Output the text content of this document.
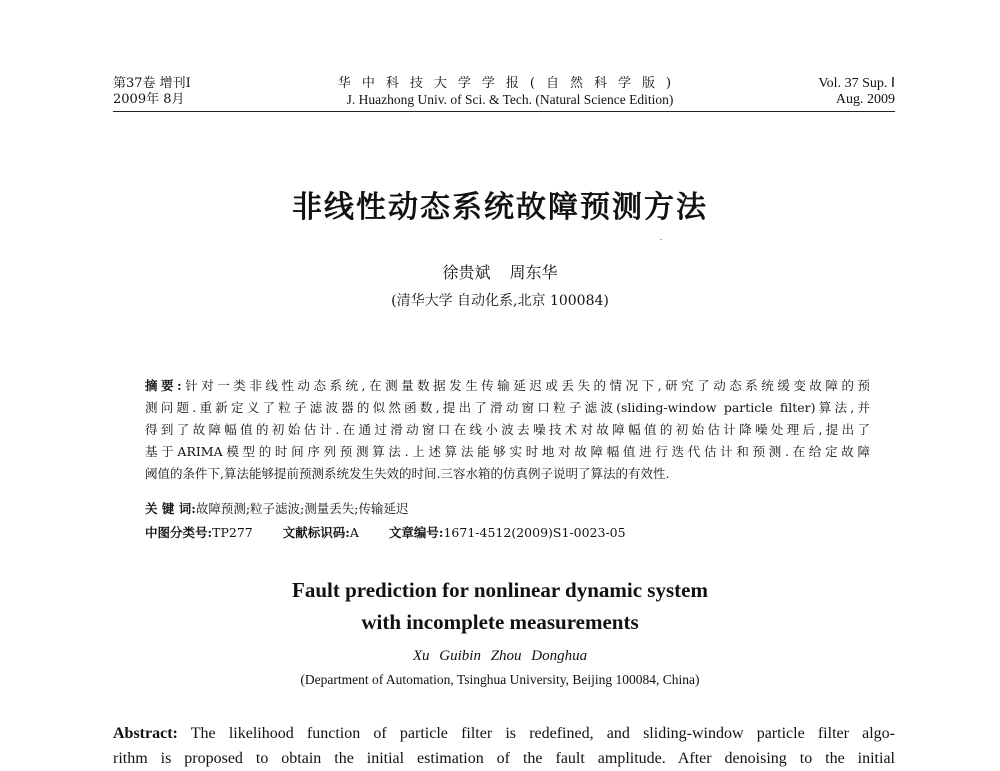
第37卷 增刊Ⅰ
2009年 8月
华中科技大学学报(自然科学版)
J. Huazhong Univ. of Sci. & Tech. (Natural Science Edition)
Vol. 37 Sup. Ⅰ
Aug. 2009
非线性动态系统故障预测方法
徐贵斌 周东华
(清华大学 自动化系,北京 100084)
摘要:针对一类非线性动态系统,在测量数据发生传输延迟或丢失的情况下,研究了动态系统缓变故障的预
测问题.重新定义了粒子滤波器的似然函数,提出了滑动窗口粒子滤波(sliding-window particle filter)算法,并
得到了故障幅值的初始估计.在通过滑动窗口在线小波去噪技术对故障幅值的初始估计降噪处理后,提出了
基于ARIMA模型的时间序列预测算法.上述算法能够实时地对故障幅值进行迭代估计和预测.在给定故障
阈值的条件下,算法能够提前预测系统发生失效的时间.三容水箱的仿真例子说明了算法的有效性.
关 键 词:故障预测;粒子滤波;测量丢失;传输延迟
中图分类号:TP277 文献标识码:A 文章编号:1671-4512(2009)S1-0023-05
Fault prediction for nonlinear dynamic system
with incomplete measurements
Xu Guibin Zhou Donghua
(Department of Automation, Tsinghua University, Beijing 100084, China)
Abstract: The likelihood function of particle filter is redefined, and sliding-window particle filter algo-
rithm is proposed to obtain the initial estimation of the fault amplitude. After denoising to the initial
